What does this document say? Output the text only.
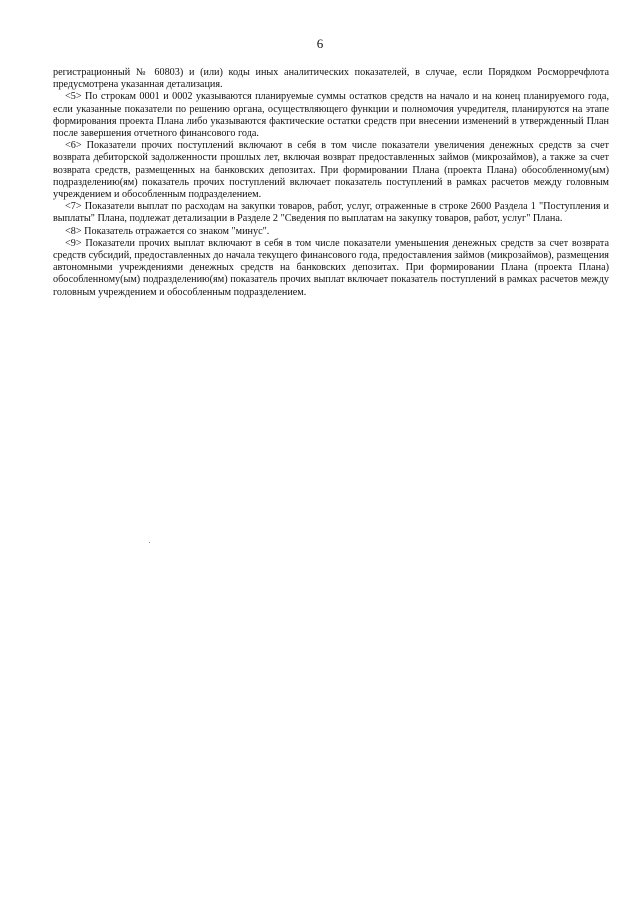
6

регистрационный № 60803) и (или) коды иных аналитических показателей, в случае, если Порядком Росморречфлота предусмотрена указанная детализация.

<5> По строкам 0001 и 0002 указываются планируемые суммы остатков средств на начало и на конец планируемого года, если указанные показатели по решению органа, осуществляющего функции и полномочия учредителя, планируются на этапе формирования проекта Плана либо указываются фактические остатки средств при внесении изменений в утвержденный План после завершения отчетного финансового года.

<6> Показатели прочих поступлений включают в себя в том числе показатели увеличения денежных средств за счет возврата дебиторской задолженности прошлых лет, включая возврат предоставленных займов (микрозаймов), а также за счет возврата средств, размещенных на банковских депозитах. При формировании Плана (проекта Плана) обособленному(ым) подразделению(ям) показатель прочих поступлений включает показатель поступлений в рамках расчетов между головным учреждением и обособленным подразделением.

<7> Показатели выплат по расходам на закупки товаров, работ, услуг, отраженные в строке 2600 Раздела 1 "Поступления и выплаты" Плана, подлежат детализации в Разделе 2 "Сведения по выплатам на закупку товаров, работ, услуг" Плана.

<8> Показатель отражается со знаком "минус".

<9> Показатели прочих выплат включают в себя в том числе показатели уменьшения денежных средств за счет возврата средств субсидий, предоставленных до начала текущего финансового года, предоставления займов (микрозаймов), размещения автономными учреждениями денежных средств на банковских депозитах. При формировании Плана (проекта Плана) обособленному(ым) подразделению(ям) показатель прочих выплат включает показатель поступлений в рамках расчетов между головным учреждением и обособленным подразделением.
